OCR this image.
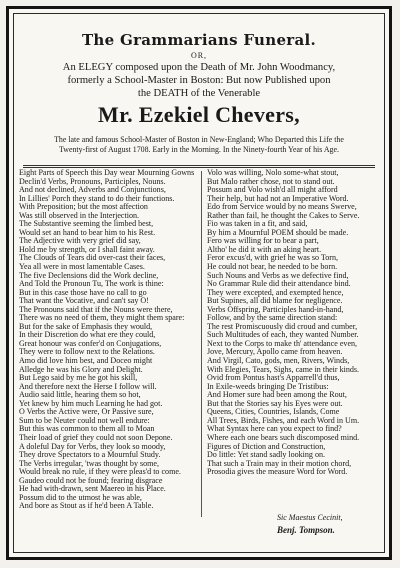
The Grammarians Funeral.
OR,
An ELEGY composed upon the Death of Mr. John Woodmancy,
formerly a School-Master in Boston: But now Published upon
the DEATH of the Venerable
Mr. Ezekiel Chevers,
The late and famous School-Master of Boston in New-England; Who Departed this Life the
Twenty-first of August 1708. Early in the Morning. In the Ninety-fourth Year of his Age.
Eight Parts of Speech this Day wear Mourning Gowns
Declin'd Verbs, Pronouns, Participles, Nouns.
And not declined, Adverbs and Conjunctions,
In Lillies' Porch they stand to do their functions.
With Preposition; but the most affection
Was still observed in the Interjection.
The Substantive seeming the limbed best,
Would set an hand to bear him to his Rest.
The Adjective with very grief did say,
Hold me by strength, or I shall faint away.
The Clouds of Tears did over-cast their faces,
Yea all were in most lamentable Cases.
The five Declensions did the Work decline,
And Told the Pronoun Tu, The work is thine:
But in this case those have no call to go
That want the Vocative, and can't say O!
The Pronouns said that if the Nouns were there,
There was no need of them, they might them spare:
But for the sake of Emphasis they would,
In their Discretion do what ere they could,
Great honour was confer'd on Conjugations,
They were to follow next to the Relations.
Amo did love him best, and Doceo might
Alledge he was his Glory and Delight.
But Lego said by me he got his skill,
And therefore next the Herse I follow will.
Audio said little, hearing them so hot,
Yet knew by him much Learning he had got.
O Verbs the Active were, Or Passive sure,
Sum to be Neuter could not well endure:
But this was common to them all to Moan
Their load of grief they could not soon Depone.
A doleful Day for Verbs, they look so moody,
They drove Spectators to a Mournful Study.
The Verbs irregular, 'twas thought by some,
Would break no rule, if they were pleas'd to come.
Gaudeo could not be found; fearing disgrace
He had with-drawn, sent Maereo in his Place.
Possum did to the utmost he was able,
And bore as Stout as if he'd been A Table.
Volo was willing, Nolo some-what stout,
But Malo rather chose, not to stand out.
Possum and Volo wish'd all might afford
Their help, but had not an Imperative Word.
Edo from Service would by no means Swerve,
Rather than fail, he thought the Cakes to Serve.
Fio was taken in a fit, and said,
By him a Mournful POEM should be made.
Fero was willing for to bear a part,
Altho' he did it with an aking heart.
Feror excus'd, with grief he was so Torn,
He could not bear, he needed to be born.
Such Nouns and Verbs as we defective find,
No Grammar Rule did their attendance bind.
They were excepted, and exempted hence,
But Supines, all did blame for negligence.
Verbs Offspring, Participles hand-in-hand,
Follow, and by the same direction stand:
The rest Promiscuously did croud and cumber,
Such Multitudes of each, they wanted Number.
Next to the Corps to make th' attendance even,
Jove, Mercury, Apollo came from heaven.
And Virgil, Cato, gods, men, Rivers, Winds,
With Elegies, Tears, Sighs, came in their kinds.
Ovid from Pontus hast's Apparrell'd thus,
In Exile-weeds bringing De Tristibus:
And Homer sure had been among the Rout,
But that the Stories say his Eyes were out.
Queens, Cities, Countries, Islands, Come
All Trees, Birds, Fishes, and each Word in Um.
What Syntax here can you expect to find?
Where each one bears such discomposed mind.
Figures of Diction and Construction,
Do little: Yet stand sadly looking on.
That such a Train may in their motion chord,
Prosodia gives the measure Word for Word.
Sic Maestus Cecinit,
Benj. Tompson.
